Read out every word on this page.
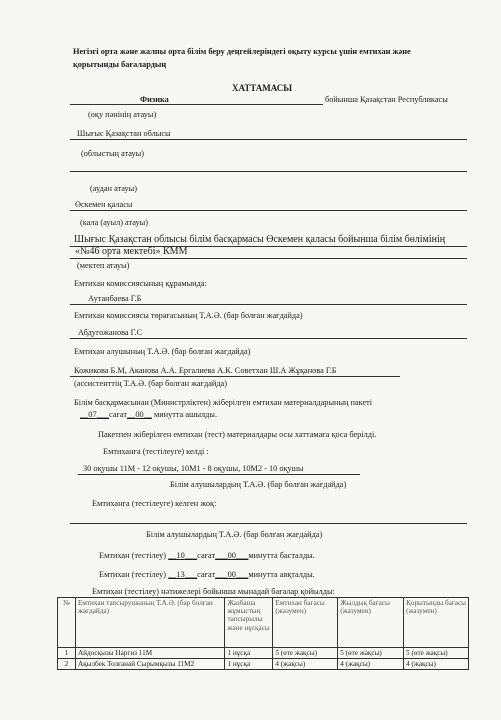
Негізгі орта және жалпы орта білім беру деңгейлеріндегі оқыту курсы үшін емтихан және
қорытынды бағалардың
ХАТТАМАСЫ
Физика	бойынша Қазақстан Республикасы
(оқу пәнінің атауы)
Шығыс Қазақстан облысы
(облыстың атауы)
(аудан атауы)
Өскемен қаласы
(кала (ауыл) атауы)
Шығыс Қазақстан облысы білім басқармасы Өскемен қаласы бойынша білім бөлімінің
«№46 орта мектебі» КММ
(мектеп атауы)
Емтихан комиссиясының құрамында:
Аутанбаева Г.Б
Емтихан комиссиясы төрағасының Т.А.Ә. (бар болған жағдайда)
Абдугожанова Г.С
Емтихан алушының Т.А.Ә. (бар болған жағдайда)
Кожикова Б.М, Аканова А.А. Ергалиева А.К. Советхан Ш.А Жұқанова Г.Б
(ассистенттің Т.А.Ә. (бар болған жағдайда)
Білім басқармасынан (Министрліктен) жіберілген емтихан материалдарының пакеті
__07___сағат__00__ минутта ашылды.
Пакетпен жіберілген емтихан (тест) материалдары осы хаттамаға қоса берілді.
Емтиханға (тестілеуге) келді :
30 оқушы 11М - 12 оқушы, 10М1 - 8 оқушы, 10М2 - 10 оқушы
Білім алушылардың Т.А.Ә. (бар болған жағдайда)
Емтиханға (тестілеуге) келген жоқ:
Білім алушылардың Т.А.Ә. (бар болған жағдайда)
Емтихан (тестілеу) __10___сағат___00___минутта басталды.
Емтихан (тестілеу) __13___сағат___00___минутта аяқталды.
Емтихан (тестілеу) нәтижелері бойынша мынадай бағалар қойылды:
№	Емтихан тапсырушының Т.А.Ә. (бар болған жағдайда)	Жазбаша жұмыстың тапсырылы және нұсқасы	Емтихан бағасы (жазумен)	Жылдық бағасы (жазумен)	Қорытынды бағасы (жазумен)
1	Айдосқызы Наргиз 11М	1 нұсқа	5 (өте жақсы)	5 (өте жақсы)	5 (өте жақсы)
2	Ақылбек Толғанай Сырымқызы 11М2	1 нұсқа	4 (жақсы)	4 (жақсы)	4 (жақсы)
